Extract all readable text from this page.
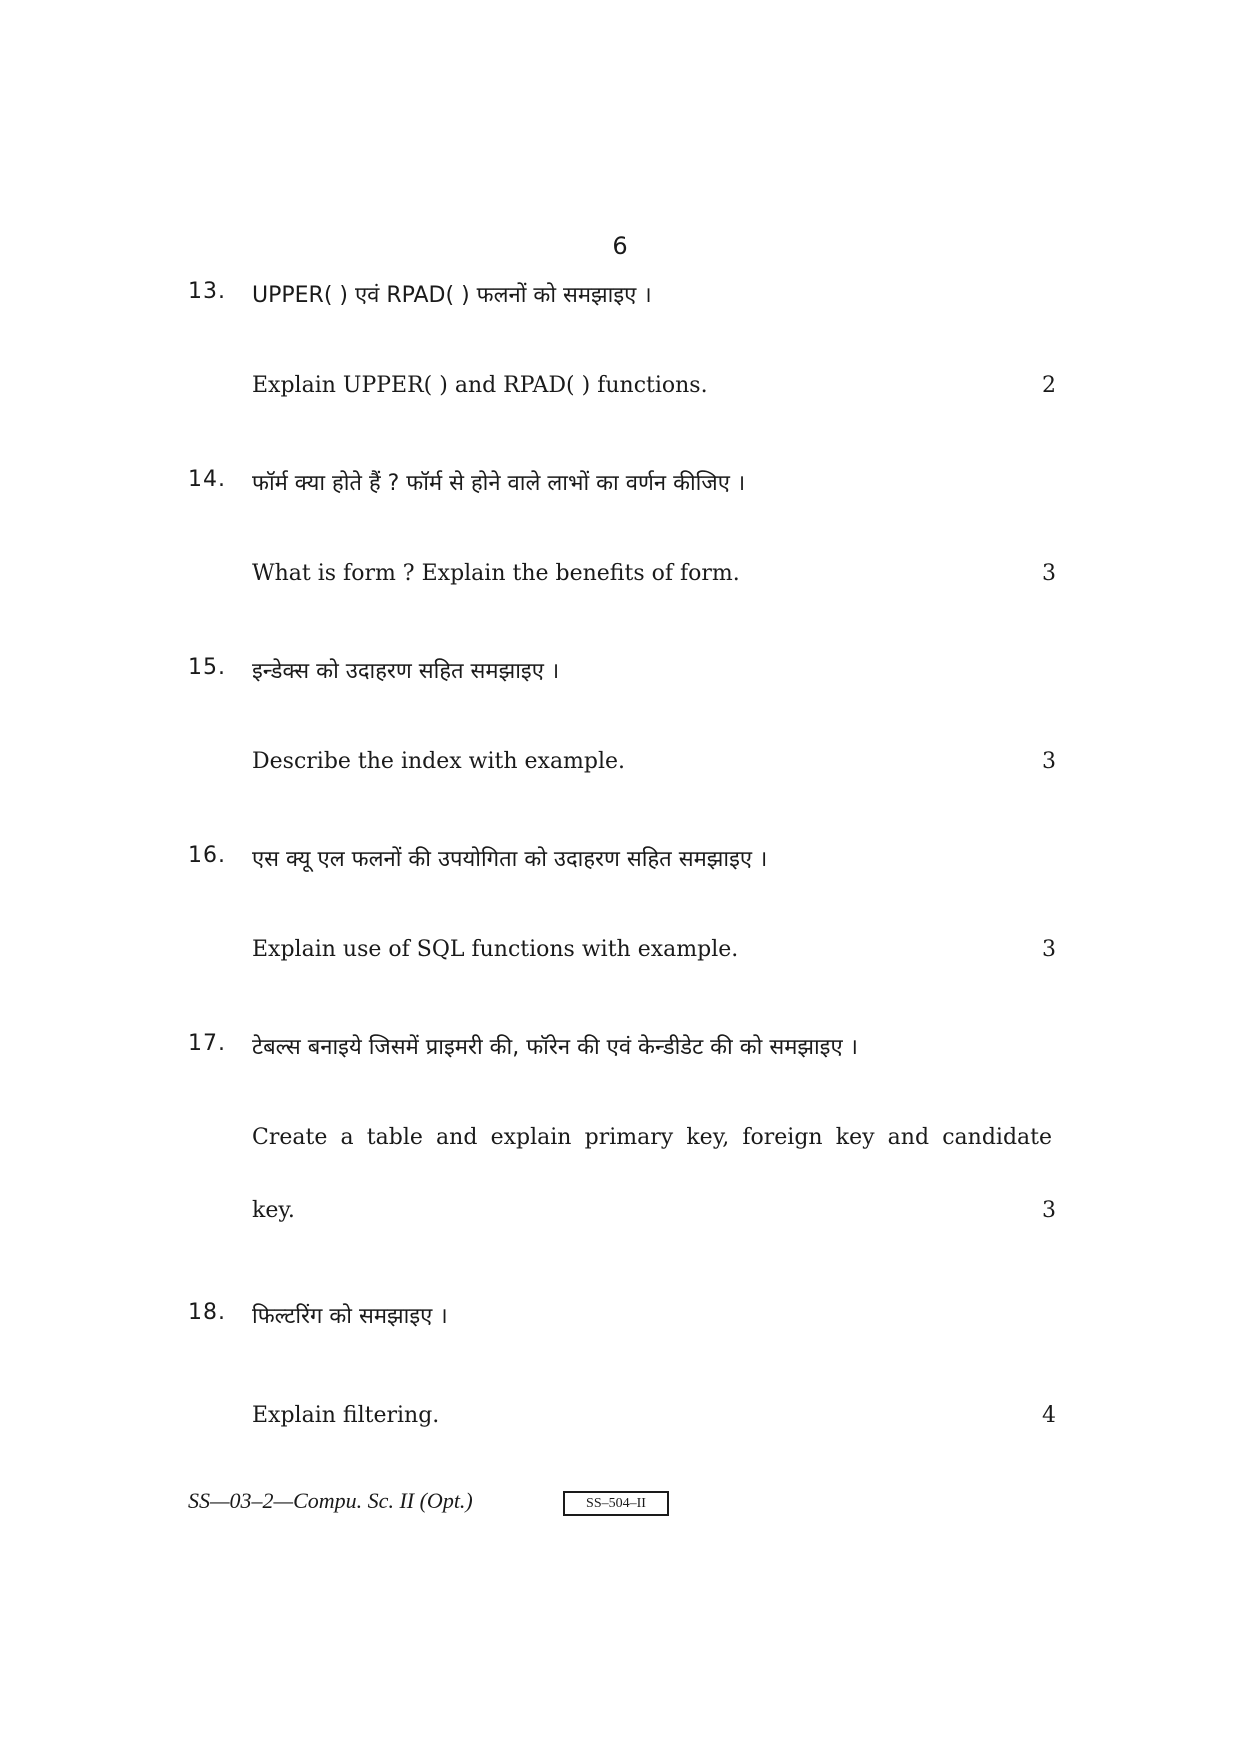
6
13. UPPER( ) एवं RPAD( ) फलनों को समझाइए ।
Explain UPPER( ) and RPAD( ) functions.	2
14. फॉर्म क्या होते हैं ? फॉर्म से होने वाले लाभों का वर्णन कीजिए ।
What is form ? Explain the benefits of form.	3
15. इन्डेक्स को उदाहरण सहित समझाइए ।
Describe the index with example.	3
16. एस क्यू एल फलनों की उपयोगिता को उदाहरण सहित समझाइए ।
Explain use of SQL functions with example.	3
17. टेबल्स बनाइये जिसमें प्राइमरी की, फॉरेन की एवं केन्डीडेट की को समझाइए ।
Create a table and explain primary key, foreign key and candidate
key.	3
18. फिल्टरिंग को समझाइए ।
Explain filtering.	4
SS—03–2—Compu. Sc. II (Opt.)	SS–504–II
